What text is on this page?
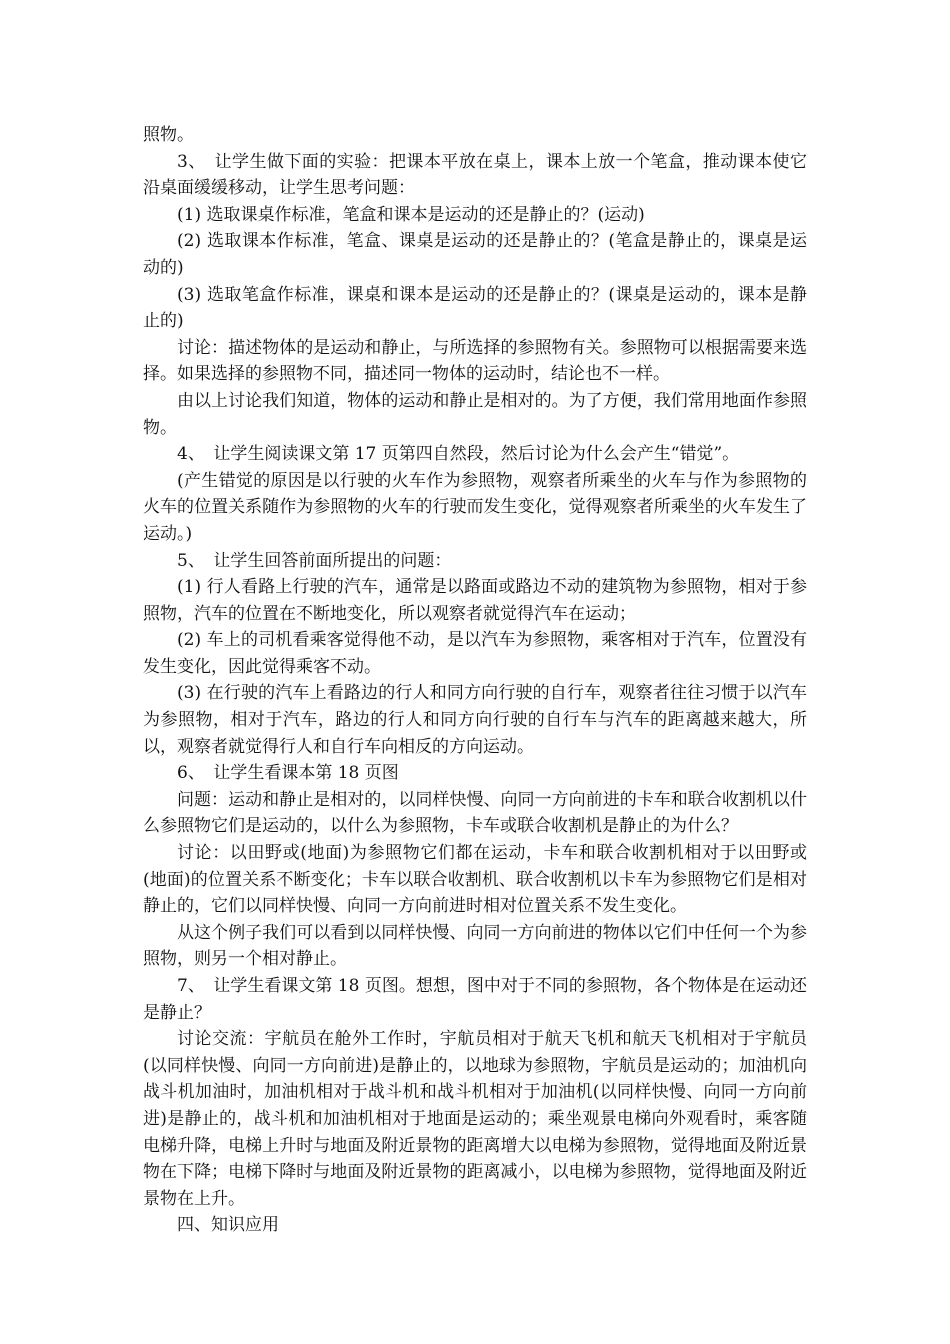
照物。

3、　让学生做下面的实验：把课本平放在桌上，课本上放一个笔盒，推动课本使它沿桌面缓缓移动，让学生思考问题：

(1) 选取课桌作标准，笔盒和课本是运动的还是静止的？(运动)

(2) 选取课本作标准，笔盒、课桌是运动的还是静止的？(笔盒是静止的，课桌是运动的)

(3) 选取笔盒作标准，课桌和课本是运动的还是静止的？(课桌是运动的，课本是静止的)

讨论：描述物体的是运动和静止，与所选择的参照物有关。参照物可以根据需要来选择。如果选择的参照物不同，描述同一物体的运动时，结论也不一样。

由以上讨论我们知道，物体的运动和静止是相对的。为了方便，我们常用地面作参照物。

4、　让学生阅读课文第 17 页第四自然段，然后讨论为什么会产生“错觉”。

(产生错觉的原因是以行驶的火车作为参照物，观察者所乘坐的火车与作为参照物的火车的位置关系随作为参照物的火车的行驶而发生变化，觉得观察者所乘坐的火车发生了运动。)

5、　让学生回答前面所提出的问题：

(1) 行人看路上行驶的汽车，通常是以路面或路边不动的建筑物为参照物，相对于参照物，汽车的位置在不断地变化，所以观察者就觉得汽车在运动；

(2) 车上的司机看乘客觉得他不动，是以汽车为参照物，乘客相对于汽车，位置没有发生变化，因此觉得乘客不动。

(3) 在行驶的汽车上看路边的行人和同方向行驶的自行车，观察者往往习惯于以汽车为参照物，相对于汽车，路边的行人和同方向行驶的自行车与汽车的距离越来越大，所以，观察者就觉得行人和自行车向相反的方向运动。

6、　让学生看课本第 18 页图

问题：运动和静止是相对的，以同样快慢、向同一方向前进的卡车和联合收割机以什么参照物它们是运动的，以什么为参照物，卡车或联合收割机是静止的为什么？

讨论：以田野或(地面)为参照物它们都在运动，卡车和联合收割机相对于以田野或(地面)的位置关系不断变化；卡车以联合收割机、联合收割机以卡车为参照物它们是相对静止的，它们以同样快慢、向同一方向前进时相对位置关系不发生变化。

从这个例子我们可以看到以同样快慢、向同一方向前进的物体以它们中任何一个为参照物，则另一个相对静止。

7、　让学生看课文第 18 页图。想想，图中对于不同的参照物，各个物体是在运动还是静止？

讨论交流：宇航员在舱外工作时，宇航员相对于航天飞机和航天飞机相对于宇航员(以同样快慢、向同一方向前进)是静止的，以地球为参照物，宇航员是运动的；加油机向战斗机加油时，加油机相对于战斗机和战斗机相对于加油机(以同样快慢、向同一方向前进)是静止的，战斗机和加油机相对于地面是运动的；乘坐观景电梯向外观看时，乘客随电梯升降，电梯上升时与地面及附近景物的距离增大以电梯为参照物，觉得地面及附近景物在下降；电梯下降时与地面及附近景物的距离减小，以电梯为参照物，觉得地面及附近景物在上升。

四、知识应用
